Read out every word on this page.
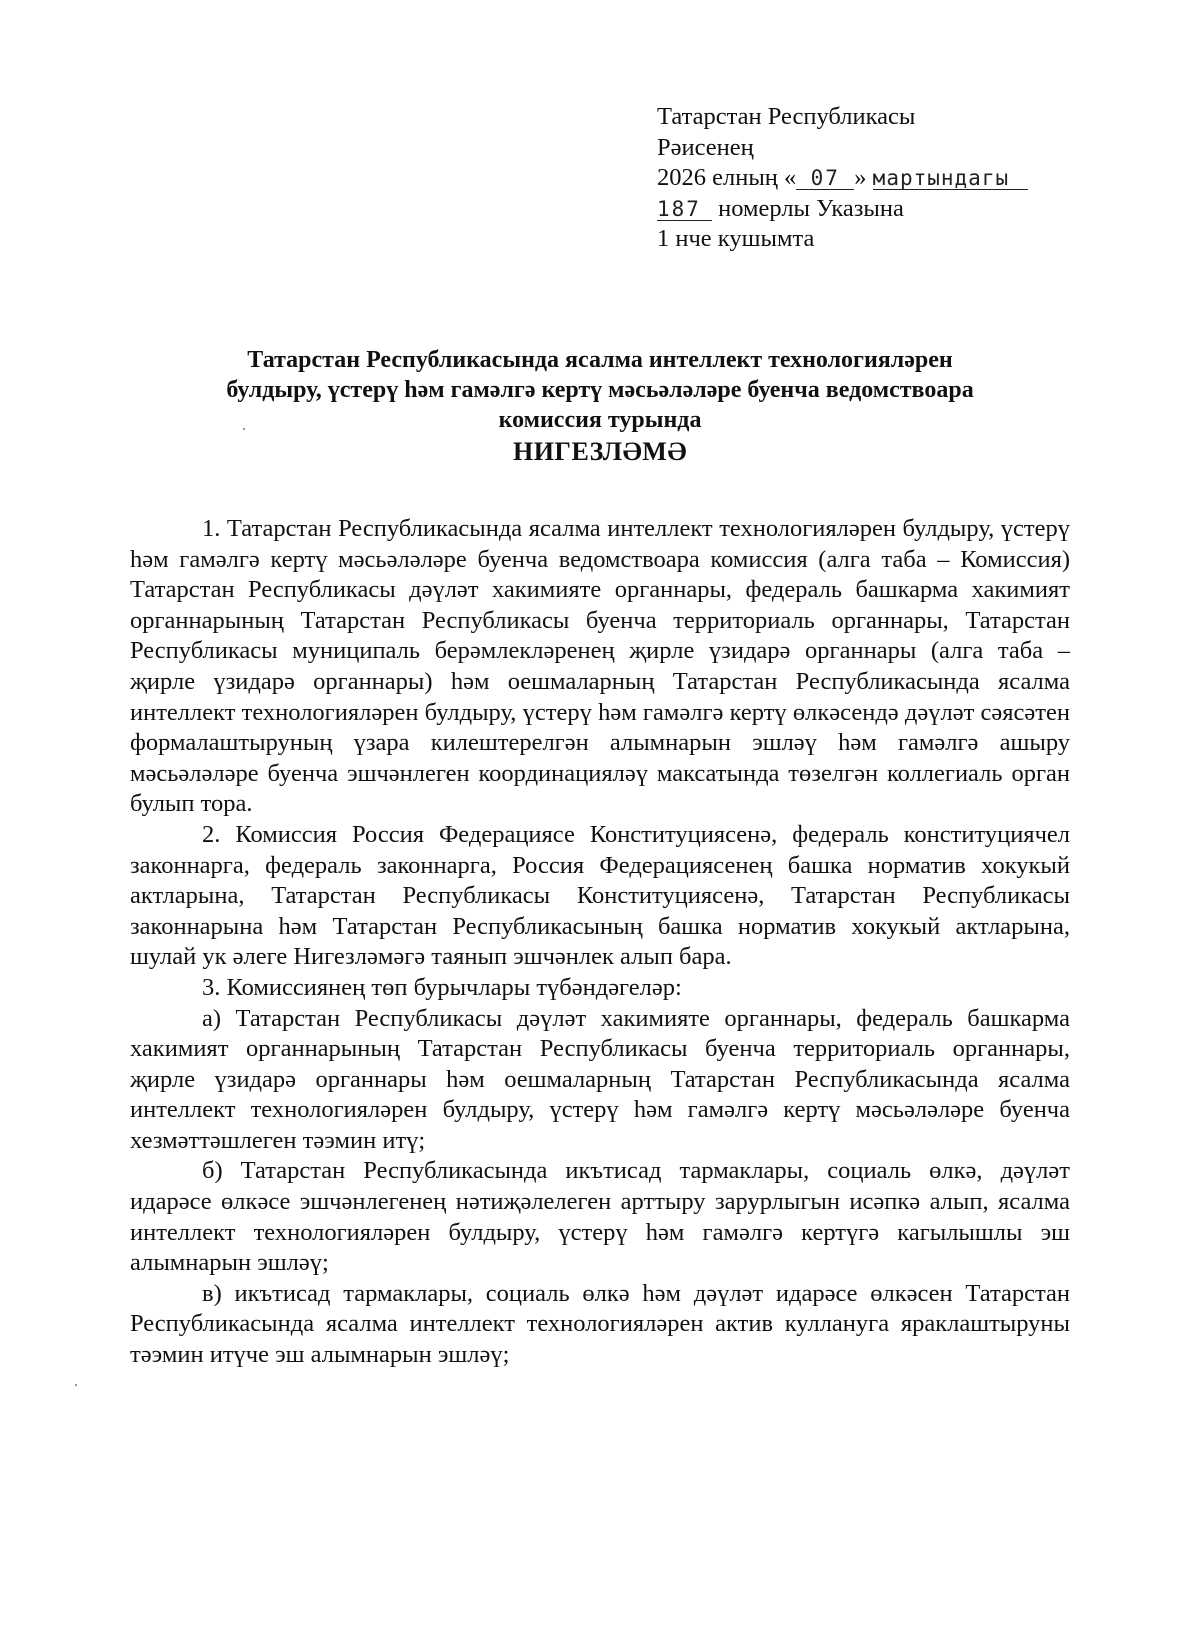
Татарстан Республикасы
Рәисенең
2026 елның « 07 » мартындагы
187 номерлы Указына
1 нче кушымта
Татарстан Республикасында ясалма интеллект технологияләрен
булдыру, үстерү һәм гамәлгә кертү мәсьәләләре буенча ведомствоара
комиссия турында
НИГЕЗЛӘМӘ

1. Татарстан Республикасында ясалма интеллект технологияләрен булдыру, үстерү һәм гамәлгә кертү мәсьәләләре буенча ведомствоара комиссия (алга таба – Комиссия) Татарстан Республикасы дәүләт хакимияте органнары, федераль башкарма хакимият органнарының Татарстан Республикасы буенча территориаль органнары, Татарстан Республикасы муниципаль берәмлекләренең җирле үзидарә органнары (алга таба – җирле үзидарә органнары) һәм оешмаларның Татарстан Республикасында ясалма интеллект технологияләрен булдыру, үстерү һәм гамәлгә кертү өлкәсендә дәүләт сәясәтен формалаштыруның үзара килештерелгән алымнарын эшләү һәм гамәлгә ашыру мәсьәләләре буенча эшчәнлеген координацияләү максатында төзелгән коллегиаль орган булып тора.

2. Комиссия Россия Федерациясе Конституциясенә, федераль конституциячел законнарга, федераль законнарга, Россия Федерациясенең башка норматив хокукый актларына, Татарстан Республикасы Конституциясенә, Татарстан Республикасы законнарына һәм Татарстан Республикасының башка норматив хокукый актларына, шулай ук әлеге Нигезләмәгә таянып эшчәнлек алып бара.

3. Комиссиянең төп бурычлары түбәндәгеләр:

а) Татарстан Республикасы дәүләт хакимияте органнары, федераль башкарма хакимият органнарының Татарстан Республикасы буенча территориаль органнары, җирле үзидарә органнары һәм оешмаларның Татарстан Республикасында ясалма интеллект технологияләрен булдыру, үстерү һәм гамәлгә кертү мәсьәләләре буенча хезмәттәшлеген тәэмин итү;

б) Татарстан Республикасында икътисад тармаклары, социаль өлкә, дәүләт идарәсе өлкәсе эшчәнлегенең нәтиҗәлелеген арттыру зарурлыгын исәпкә алып, ясалма интеллект технологияләрен булдыру, үстерү һәм гамәлгә кертүгә кагылышлы эш алымнарын эшләү;

в) икътисад тармаклары, социаль өлкә һәм дәүләт идарәсе өлкәсен Татарстан Республикасында ясалма интеллект технологияләрен актив куллануга яраклаштыруны тәэмин итүче эш алымнарын эшләү;
